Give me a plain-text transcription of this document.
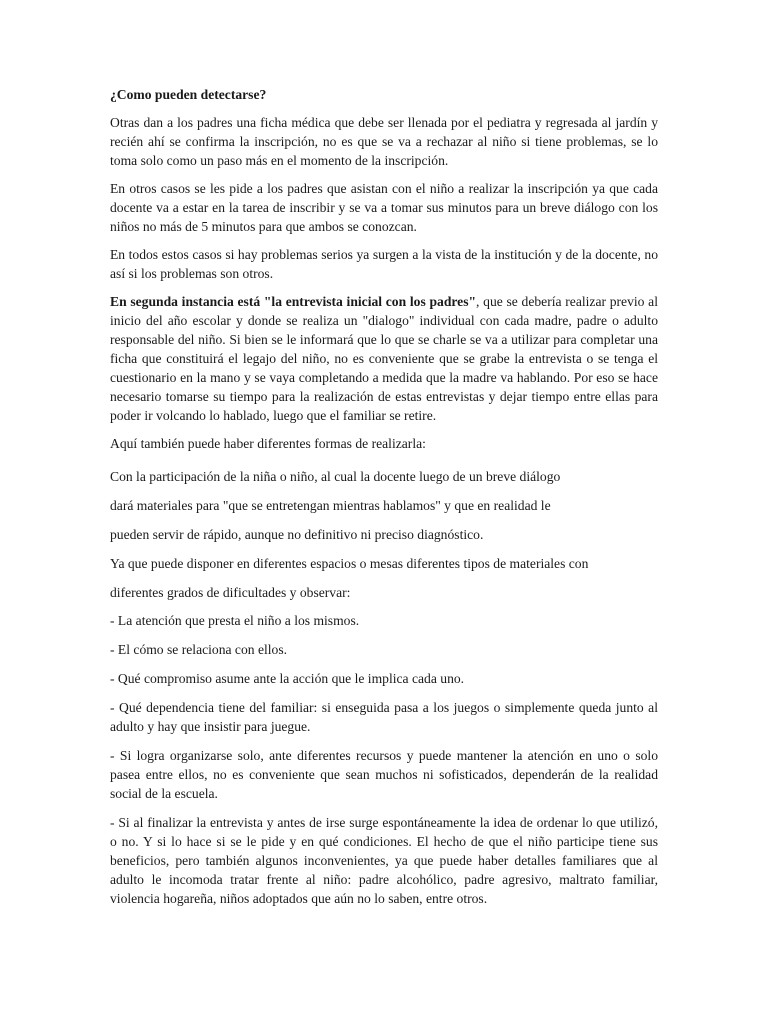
¿Como pueden detectarse?

Otras dan a los padres una ficha médica que debe ser llenada por el pediatra y regresada al jardín y recién ahí se confirma la inscripción, no es que se va a rechazar al niño si tiene problemas, se lo toma solo como un paso más en el momento de la inscripción.

En otros casos se les pide a los padres que asistan con el niño a realizar la inscripción ya que cada docente va a estar en la tarea de inscribir y se va a tomar sus minutos para un breve diálogo con los niños no más de 5 minutos para que ambos se conozcan.

En todos estos casos si hay problemas serios ya surgen a la vista de la institución y de la docente, no así si los problemas son otros.

En segunda instancia está "la entrevista inicial con los padres", que se debería realizar previo al inicio del año escolar y donde se realiza un "dialogo" individual con cada madre, padre o adulto responsable del niño. Si bien se le informará que lo que se charle se va a utilizar para completar una ficha que constituirá el legajo del niño, no es conveniente que se grabe la entrevista o se tenga el cuestionario en la mano y se vaya completando a medida que la madre va hablando. Por eso se hace necesario tomarse su tiempo para la realización de estas entrevistas y dejar tiempo entre ellas para poder ir volcando lo hablado, luego que el familiar se retire.

Aquí también puede haber diferentes formas de realizarla:

Con la participación de la niña o niño, al cual la docente luego de un breve diálogo
dará materiales para "que se entretengan mientras hablamos" y que en realidad le
pueden servir de rápido, aunque no definitivo ni preciso diagnóstico.
Ya que puede disponer en diferentes espacios o mesas diferentes tipos de materiales con
diferentes grados de dificultades y observar:

- La atención que presta el niño a los mismos.

- El cómo se relaciona con ellos.

- Qué compromiso asume ante la acción que le implica cada uno.

- Qué dependencia tiene del familiar: si enseguida pasa a los juegos o simplemente queda junto al adulto y hay que insistir para juegue.

- Si logra organizarse solo, ante diferentes recursos y puede mantener la atención en uno o solo pasea entre ellos, no es conveniente que sean muchos ni sofisticados, dependerán de la realidad social de la escuela.

- Si al finalizar la entrevista y antes de irse surge espontáneamente la idea de ordenar lo que utilizó, o no. Y si lo hace si se le pide y en qué condiciones. El hecho de que el niño participe tiene sus beneficios, pero también algunos inconvenientes, ya que puede haber detalles familiares que al adulto le incomoda tratar frente al niño: padre alcohólico, padre agresivo, maltrato familiar, violencia hogareña, niños adoptados que aún no lo saben, entre otros.
